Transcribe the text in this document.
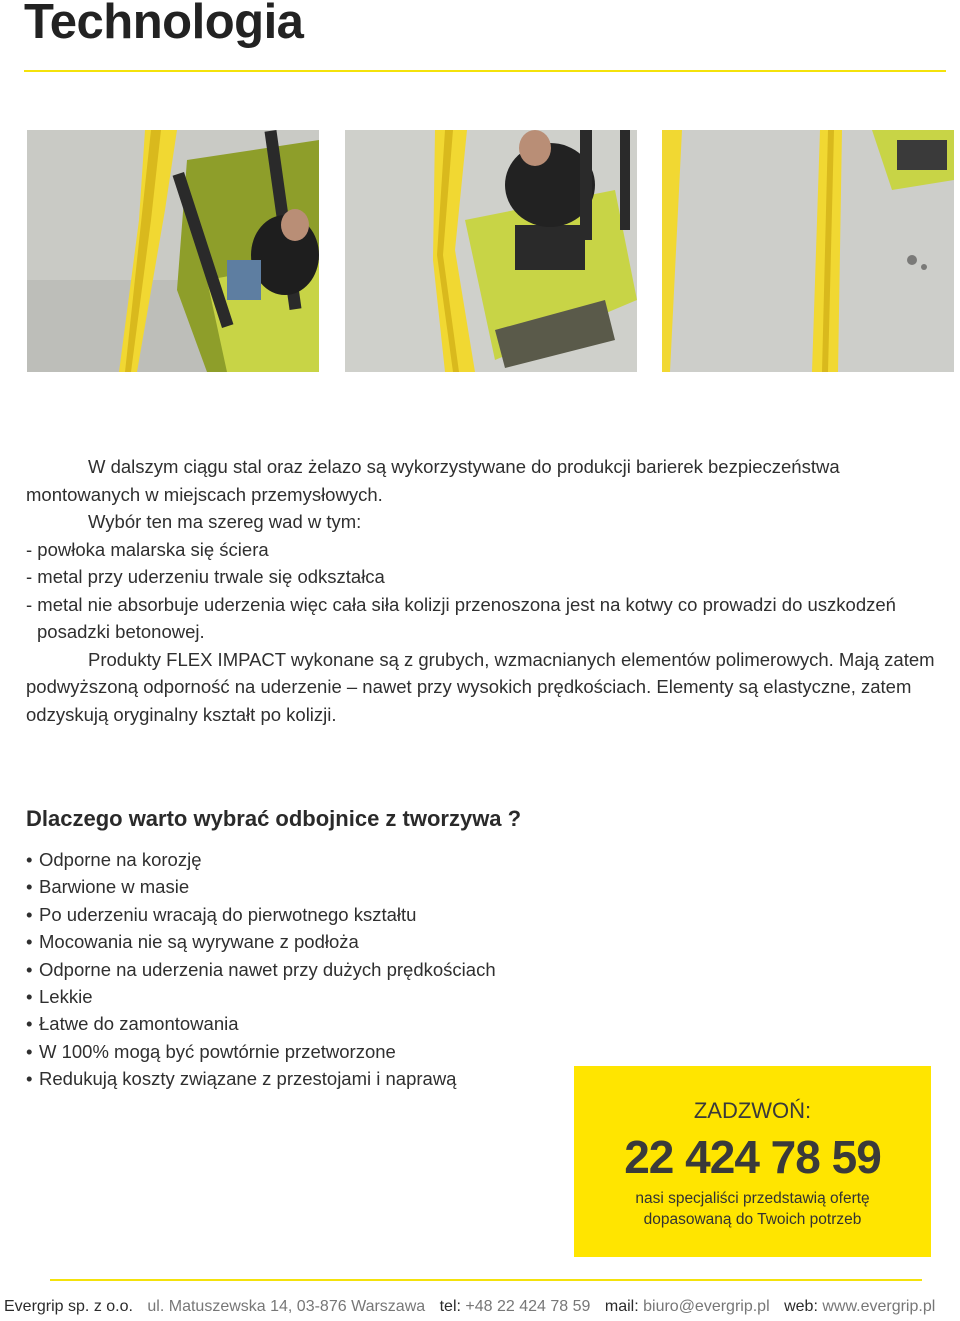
Technologia

W dalszym ciągu stal oraz żelazo są wykorzystywane do produkcji barierek bezpieczeństwa montowanych w miejscach przemysłowych.

Wybór ten ma szereg wad w tym:

- powłoka malarska się ściera

- metal przy uderzeniu trwale się odkształca

- metal nie absorbuje uderzenia więc cała siła kolizji przenoszona jest na kotwy co prowadzi do uszkodzeń posadzki betonowej.

Produkty FLEX IMPACT wykonane są z grubych, wzmacnianych elementów polimerowych. Mają zatem podwyższoną odporność na uderzenie – nawet przy wysokich prędkościach. Elementy są elastyczne, zatem odzyskują oryginalny kształt po kolizji.

Dlaczego warto wybrać odbojnice z tworzywa ?
• Odporne na korozję
• Barwione w masie
• Po uderzeniu wracają do pierwotnego kształtu
• Mocowania nie są wyrywane z podłoża
• Odporne na uderzenia nawet przy dużych prędkościach
• Lekkie
• Łatwe do zamontowania
• W 100% mogą być powtórnie przetworzone
• Redukują koszty związane z przestojami i naprawą
ZADZWOŃ:
22 424 78 59
nasi specjaliści przedstawią ofertę
dopasowaną do Twoich potrzeb
Evergrip sp. z o.o. ul. Matuszewska 14, 03-876 Warszawa tel: +48 22 424 78 59 mail: biuro@evergrip.pl web: www.evergrip.pl
